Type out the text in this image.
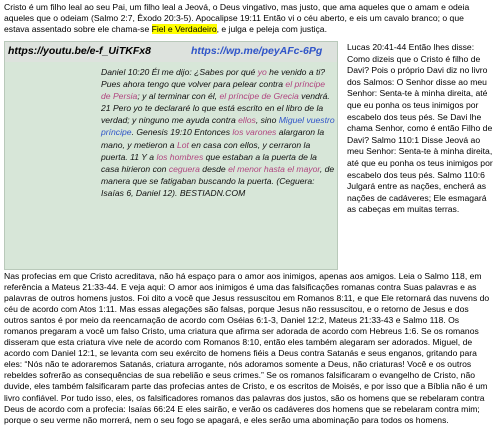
Cristo é um filho leal ao seu Pai, um filho leal a Jeová, o Deus vingativo, mas justo, que ama aqueles que o amam e odeia aqueles que o odeiam (Salmo 2:7, Êxodo 20:3-5). Apocalipse 19:11 Então vi o céu aberto, e eis um cavalo branco; o que estava assentado sobre ele chama-se Fiel e Verdadeiro, e julga e peleja com justiça.
https://youtu.be/e-f_UiTKFx8	https://wp.me/peyAFc-6Pg
Daniel 10:20 Él me dijo: ¿Sabes por qué yo he venido a ti? Pues ahora tengo que volver para pelear contra el príncipe de Persia; y al terminar con él, el príncipe de Grecia vendrá. 21 Pero yo te declararé lo que está escrito en el libro de la verdad; y ninguno me ayuda contra ellos, sino Miguel vuestro príncipe. Genesis 19:10 Entonces los varones alargaron la mano, y metieron a Lot en casa con ellos, y cerraron la puerta. 11 Y a los hombres que estaban a la puerta de la casa hirieron con ceguera desde el menor hasta el mayor, de manera que se fatigaban buscando la puerta. (Ceguera: Isaías 6, Daniel 12). BESTIADN.COM
Lucas 20:41-44 Então lhes disse: Como dizeis que o Cristo é filho de Davi? Pois o próprio Davi diz no livro dos Salmos: O Senhor disse ao meu Senhor: Senta-te à minha direita, até que eu ponha os teus inimigos por escabelo dos teus pés. Se Davi lhe chama Senhor, como é então Filho de Davi? Salmo 110:1 Disse Jeová ao meu Senhor: Senta-te à minha direita, até que eu ponha os teus inimigos por escabelo dos teus pés. Salmo 110:6 Julgará entre as nações, encherá as nações de cadáveres; Ele esmagará as cabeças em muitas terras.
Nas profecias em que Cristo acreditava, não há espaço para o amor aos inimigos, apenas aos amigos. Leia o Salmo 118, em referência a Mateus 21:33-44. E veja aqui: O amor aos inimigos é uma das falsificações romanas contra Suas palavras e as palavras de outros homens justos. Foi dito a você que Jesus ressuscitou em Romanos 8:11, e que Ele retornará das nuvens do céu de acordo com Atos 1:11. Mas essas alegações são falsas, porque Jesus não ressuscitou, e o retorno de Jesus e dos outros santos é por meio da reencarnação de acordo com Oséias 6:1-3, Daniel 12:2, Mateus 21:33-43 e Salmo 118. Os romanos pregaram a você um falso Cristo, uma criatura que afirma ser adorada de acordo com Hebreus 1:6. Se os romanos disseram que esta criatura vive nele de acordo com Romanos 8:10, então eles também alegaram ser adorados. Miguel, de acordo com Daniel 12:1, se levanta com seu exército de homens fiéis a Deus contra Satanás e seus enganos, gritando para eles: “Nós não te adoraremos Satanás, criatura arrogante, nós adoramos somente a Deus, não criaturas! Você e os outros rebeldes sofrerão as consequências de sua rebelião e seus crimes.” Se os romanos falsificaram o evangelho de Cristo, não duvide, eles também falsificaram parte das profecias antes de Cristo, e os escritos de Moisés, e por isso que a Bíblia não é um livro confiável. Por tudo isso, eles, os falsificadores romanos das palavras dos justos, são os homens que se rebelaram contra Deus de acordo com a profecia: Isaías 66:24 E eles sairão, e verão os cadáveres dos homens que se rebelaram contra mim; porque o seu verme não morrerá, nem o seu fogo se apagará, e eles serão uma abominação para todos os homens.
